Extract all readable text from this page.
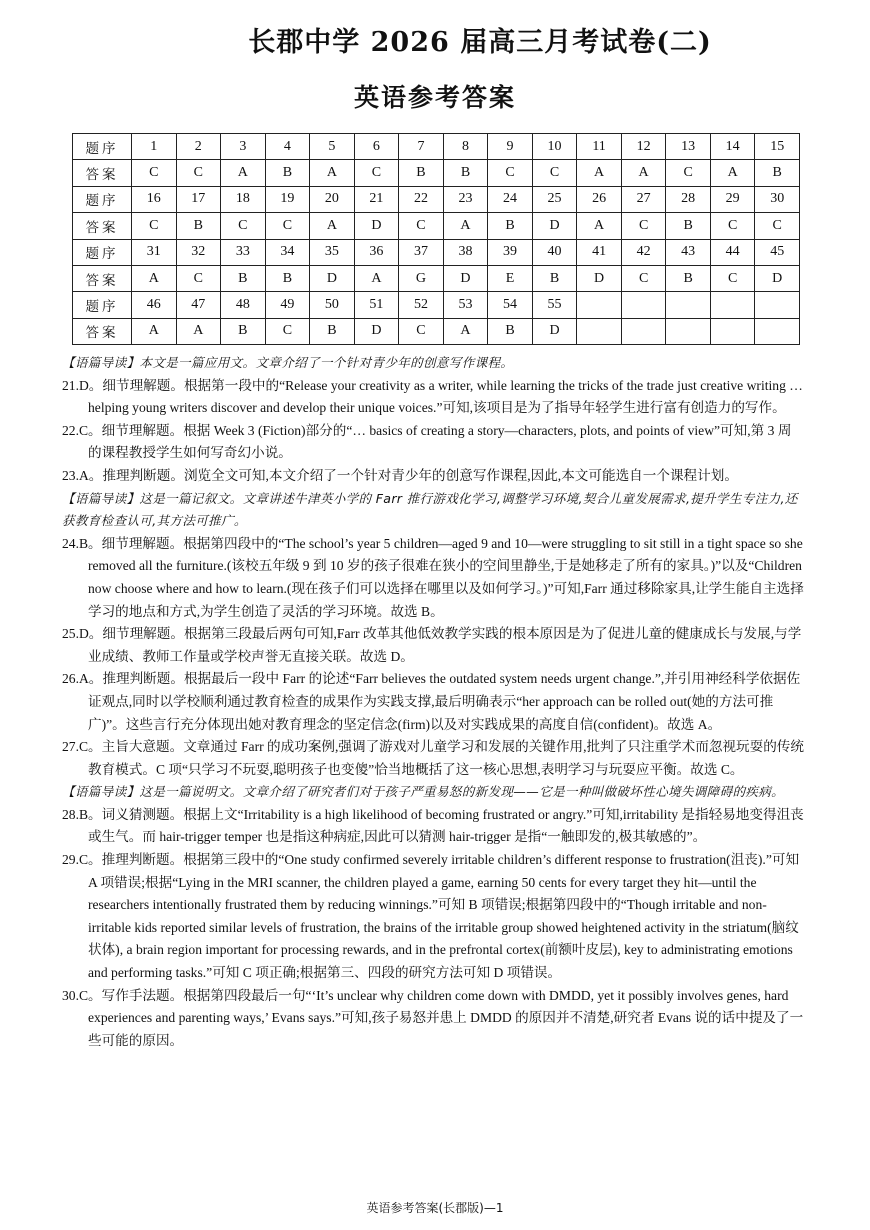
长郡中学 2026 届高三月考试卷(二)
英语参考答案
题序	1	2	3	4	5	6	7	8	9	10	11	12	13	14	15
答案	C	C	A	B	A	C	B	B	C	C	A	A	C	A	B
题序	16	17	18	19	20	21	22	23	24	25	26	27	28	29	30
答案	C	B	C	C	A	D	C	A	B	D	A	C	B	C	C
题序	31	32	33	34	35	36	37	38	39	40	41	42	43	44	45
答案	A	C	B	B	D	A	G	D	E	B	D	C	B	C	D
题序	46	47	48	49	50	51	52	53	54	55					
答案	A	A	B	C	B	D	C	A	B	D					

【语篇导读】本文是一篇应用文。文章介绍了一个针对青少年的创意写作课程。

21.D。细节理解题。根据第一段中的“Release your creativity as a writer, while learning the tricks of the trade just creative writing … helping young writers discover and develop their unique voices.”可知,该项目是为了指导年轻学生进行富有创造力的写作。

22.C。细节理解题。根据 Week 3 (Fiction)部分的“… basics of creating a story—characters, plots, and points of view”可知,第 3 周的课程教授学生如何写奇幻小说。

23.A。推理判断题。浏览全文可知,本文介绍了一个针对青少年的创意写作课程,因此,本文可能选自一个课程计划。

【语篇导读】这是一篇记叙文。文章讲述牛津英小学的 Farr 推行游戏化学习,调整学习环境,契合儿童发展需求,提升学生专注力,还获教育检查认可,其方法可推广。

24.B。细节理解题。根据第四段中的“The school’s year 5 children—aged 9 and 10—were struggling to sit still in a tight space so she removed all the furniture.(该校五年级 9 到 10 岁的孩子很难在狭小的空间里静坐,于是她移走了所有的家具。)”以及“Children now choose where and how to learn.(现在孩子们可以选择在哪里以及如何学习。)”可知,Farr 通过移除家具,让学生能自主选择学习的地点和方式,为学生创造了灵活的学习环境。故选 B。

25.D。细节理解题。根据第三段最后两句可知,Farr 改革其他低效教学实践的根本原因是为了促进儿童的健康成长与发展,与学业成绩、教师工作量或学校声誉无直接关联。故选 D。

26.A。推理判断题。根据最后一段中 Farr 的论述“Farr believes the outdated system needs urgent change.”,并引用神经科学依据佐证观点,同时以学校顺利通过教育检查的成果作为实践支撑,最后明确表示“her approach can be rolled out(她的方法可推广)”。这些言行充分体现出她对教育理念的坚定信念(firm)以及对实践成果的高度自信(confident)。故选 A。

27.C。主旨大意题。文章通过 Farr 的成功案例,强调了游戏对儿童学习和发展的关键作用,批判了只注重学术而忽视玩耍的传统教育模式。C 项“只学习不玩耍,聪明孩子也变傻”恰当地概括了这一核心思想,表明学习与玩耍应平衡。故选 C。

【语篇导读】这是一篇说明文。文章介绍了研究者们对于孩子严重易怒的新发现——它是一种叫做破坏性心境失调障碍的疾病。

28.B。词义猜测题。根据上文“Irritability is a high likelihood of becoming frustrated or angry.”可知,irritability 是指轻易地变得沮丧或生气。而 hair-trigger temper 也是指这种病症,因此可以猜测 hair-trigger 是指“一触即发的,极其敏感的”。

29.C。推理判断题。根据第三段中的“One study confirmed severely irritable children’s different response to frustration(沮丧).”可知 A 项错误;根据“Lying in the MRI scanner, the children played a game, earning 50 cents for every target they hit—until the researchers intentionally frustrated them by reducing winnings.”可知 B 项错误;根据第四段中的“Though irritable and non-irritable kids reported similar levels of frustration, the brains of the irritable group showed heightened activity in the striatum(脑纹状体), a brain region important for processing rewards, and in the prefrontal cortex(前额叶皮层), key to administrating emotions and performing tasks.”可知 C 项正确;根据第三、四段的研究方法可知 D 项错误。

30.C。写作手法题。根据第四段最后一句“‘It’s unclear why children come down with DMDD, yet it possibly involves genes, hard experiences and parenting ways,’ Evans says.”可知,孩子易怒并患上 DMDD 的原因并不清楚,研究者 Evans 说的话中提及了一些可能的原因。

英语参考答案(长郡版)—1
